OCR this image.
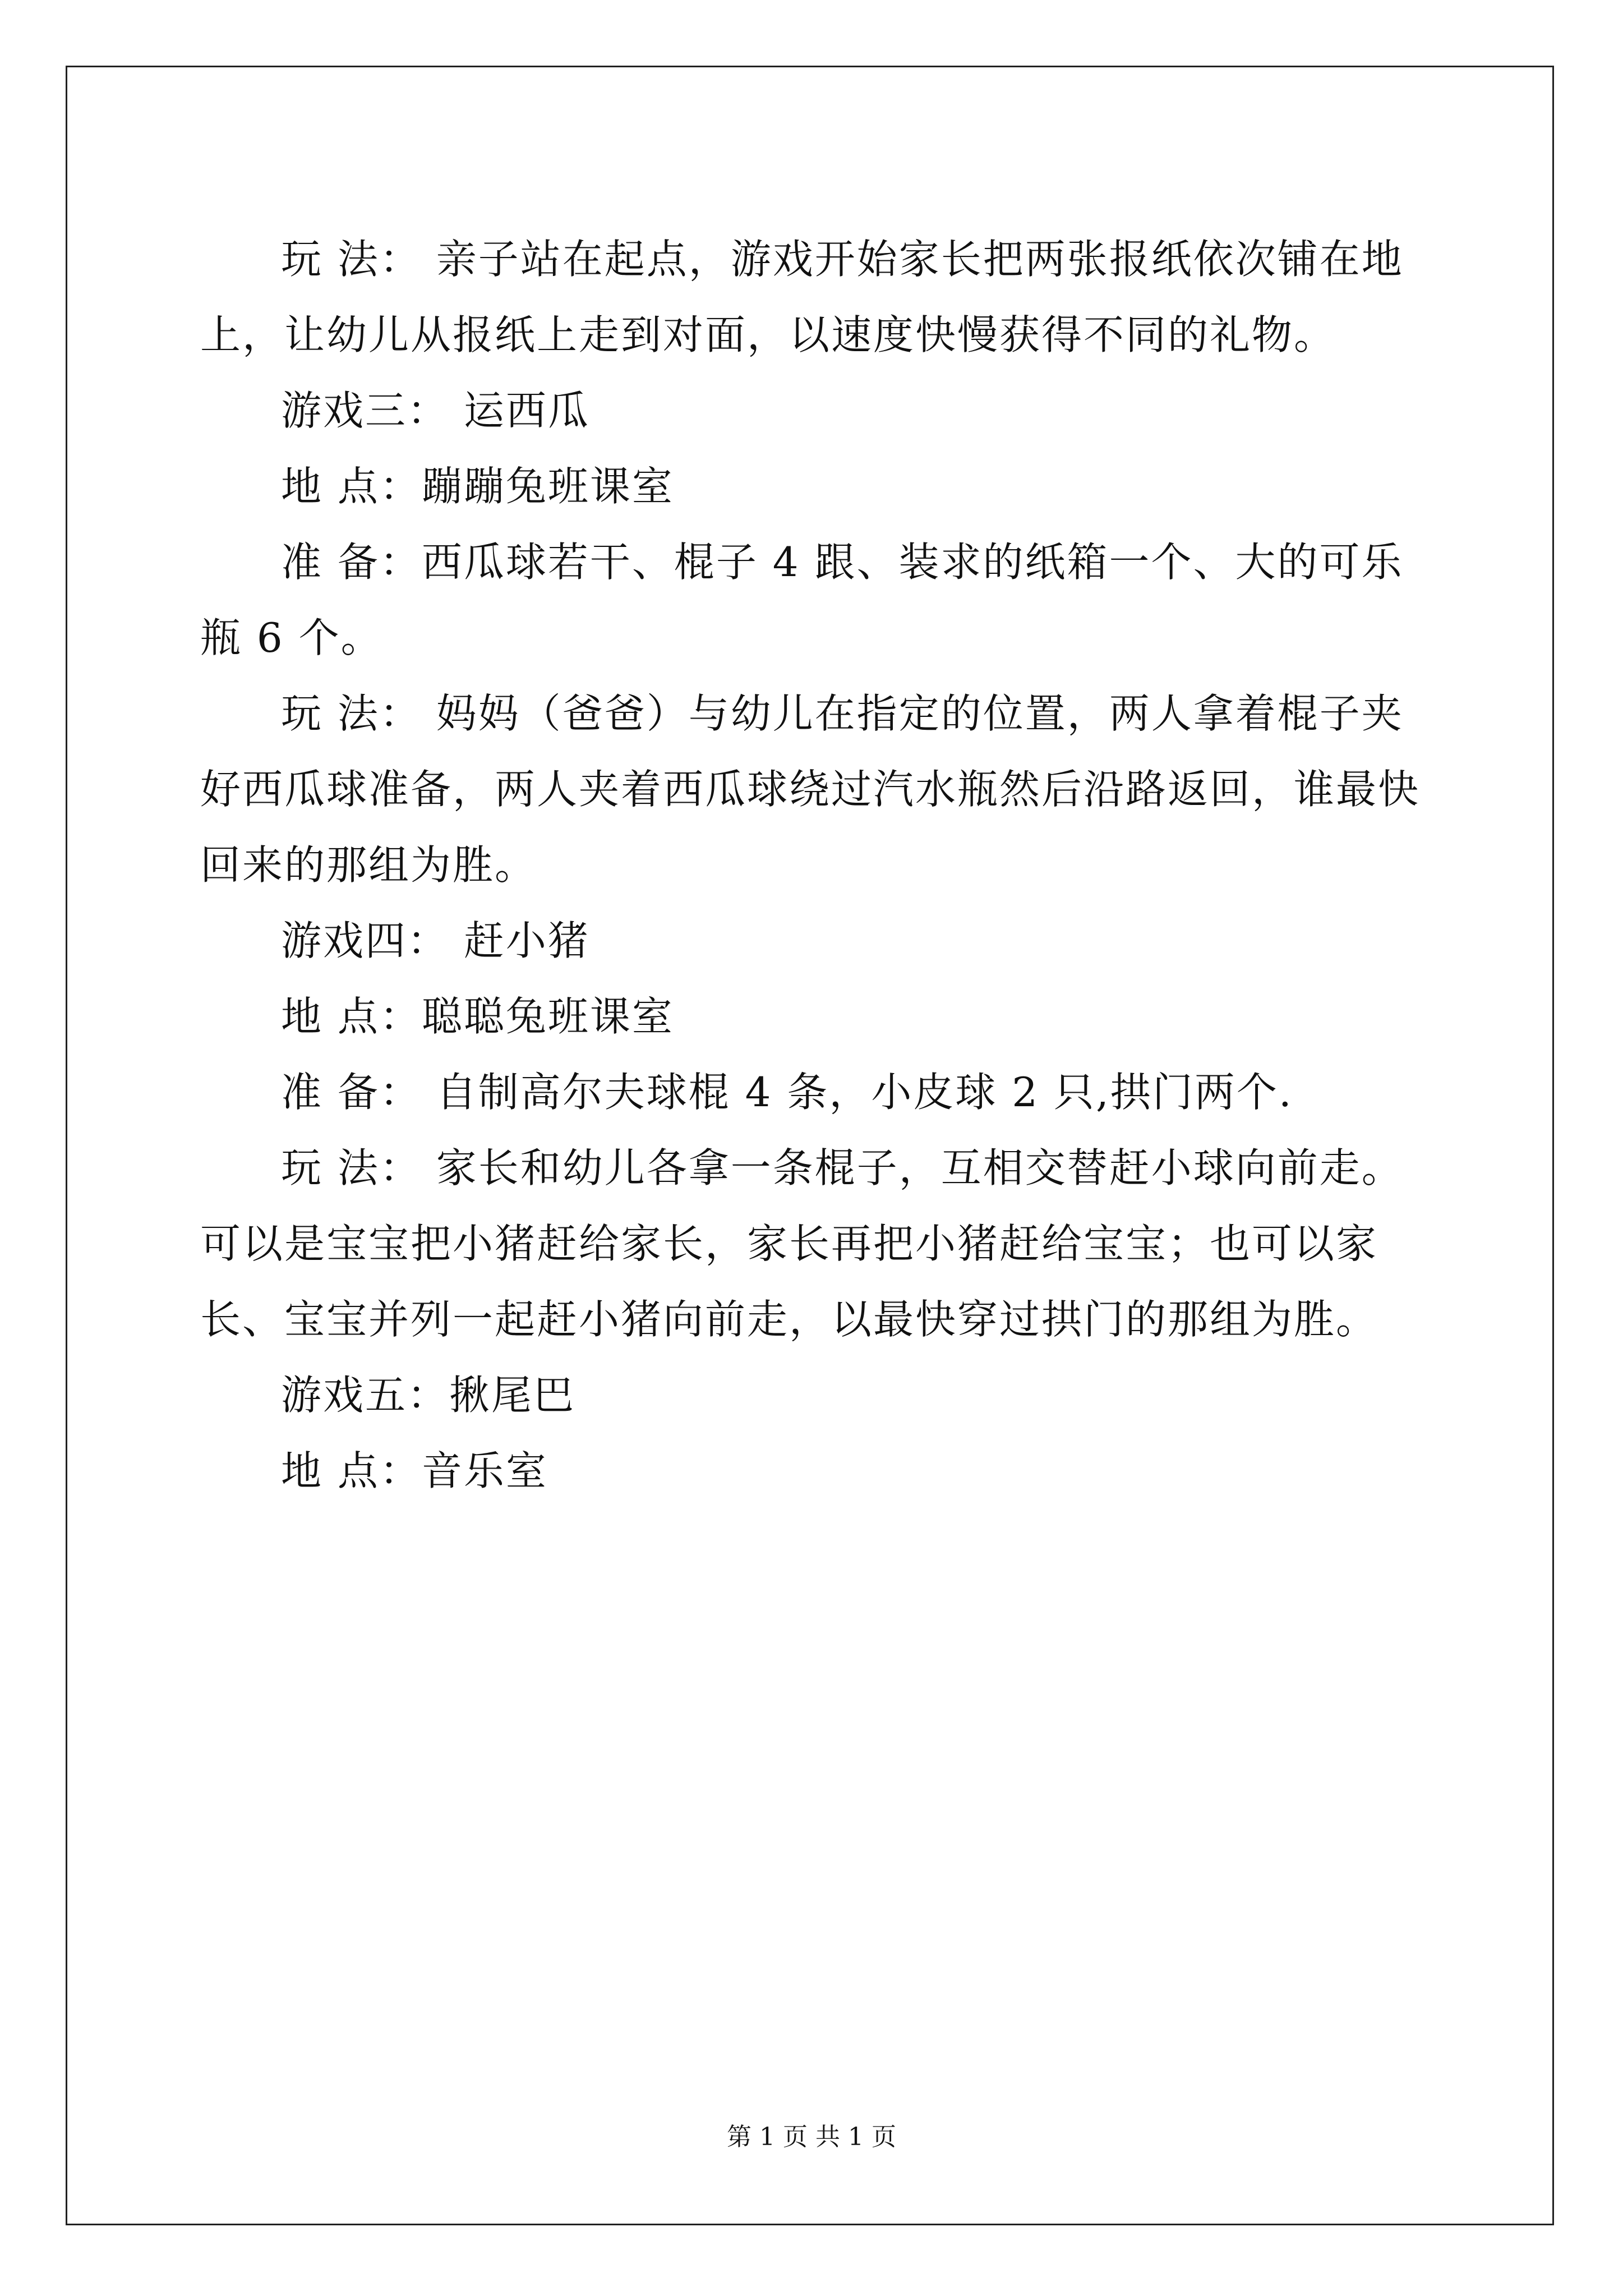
玩 法： 亲子站在起点，游戏开始家长把两张报纸依次铺在地上，让幼儿从报纸上走到对面，以速度快慢获得不同的礼物。

游戏三： 运西瓜

地 点：蹦蹦兔班课室

准 备：西瓜球若干、棍子 4 跟、装求的纸箱一个、大的可乐瓶 6 个。

玩 法： 妈妈（爸爸）与幼儿在指定的位置，两人拿着棍子夹好西瓜球准备，两人夹着西瓜球绕过汽水瓶然后沿路返回，谁最快回来的那组为胜。

游戏四： 赶小猪

地 点：聪聪兔班课室

准 备： 自制高尔夫球棍 4 条，小皮球 2 只,拱门两个.

玩 法： 家长和幼儿各拿一条棍子，互相交替赶小球向前走。可以是宝宝把小猪赶给家长，家长再把小猪赶给宝宝；也可以家长、宝宝并列一起赶小猪向前走，以最快穿过拱门的那组为胜。

游戏五：揪尾巴

地 点：音乐室

第 1 页 共 1 页
